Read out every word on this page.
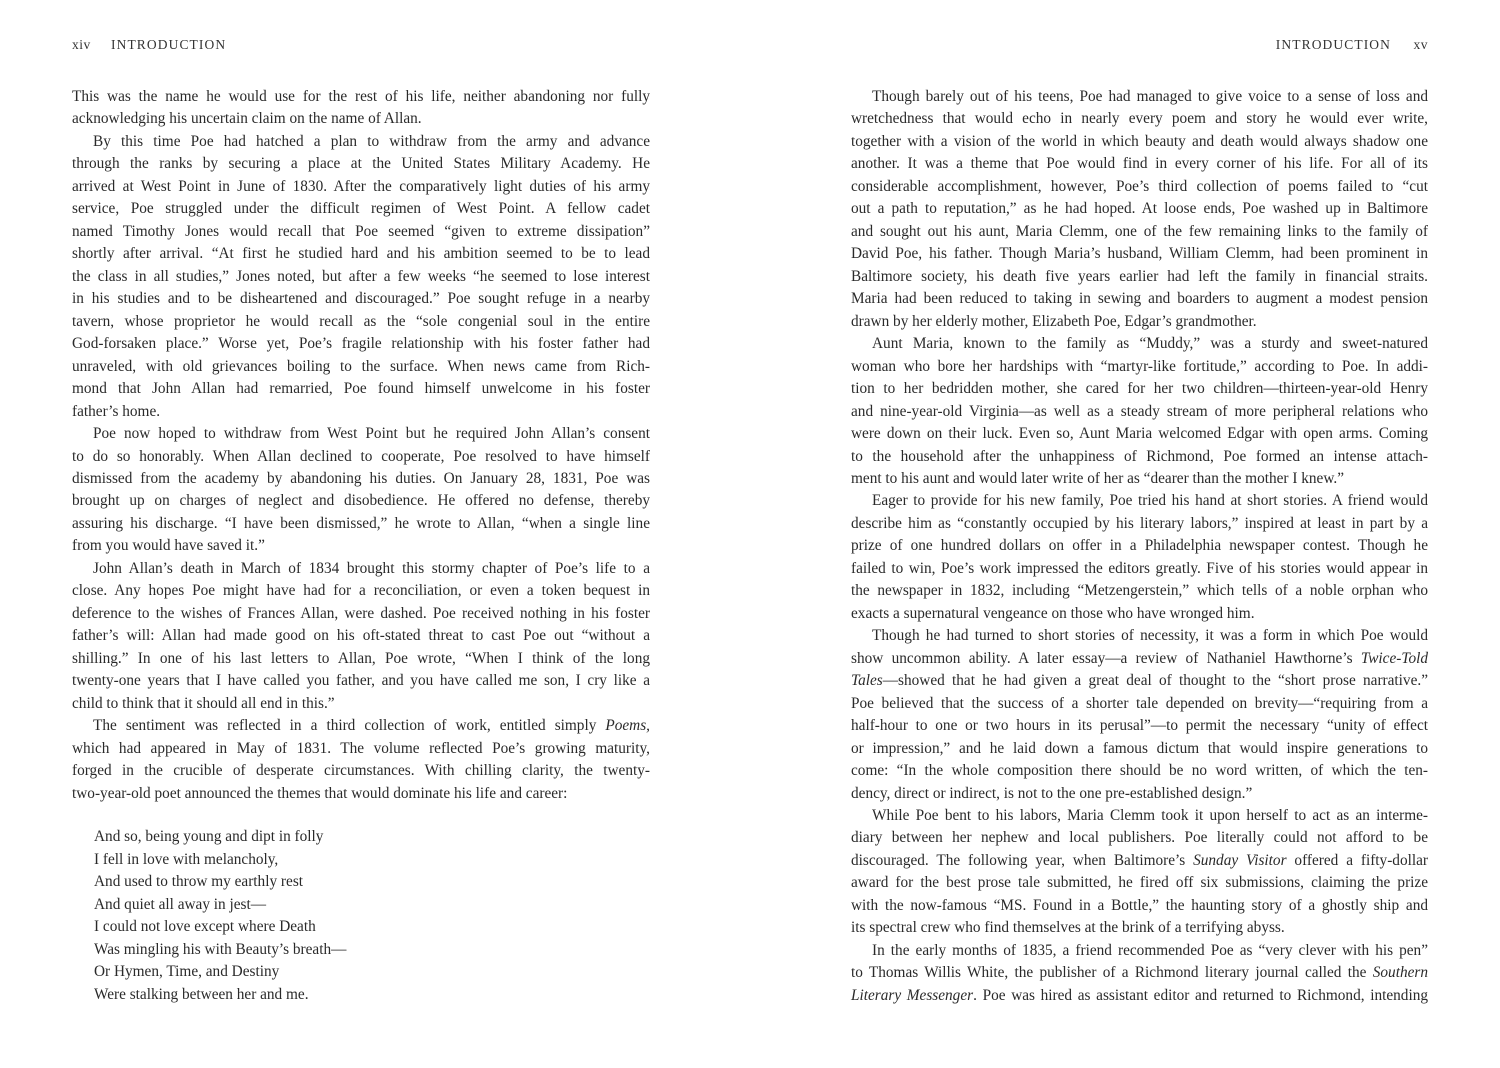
xiv INTRODUCTION
This was the name he would use for the rest of his life, neither abandoning nor fully
acknowledging his uncertain claim on the name of Allan.
By this time Poe had hatched a plan to withdraw from the army and advance
through the ranks by securing a place at the United States Military Academy. He
arrived at West Point in June of 1830. After the comparatively light duties of his army
service, Poe struggled under the difficult regimen of West Point. A fellow cadet
named Timothy Jones would recall that Poe seemed “given to extreme dissipation”
shortly after arrival. “At first he studied hard and his ambition seemed to be to lead
the class in all studies,” Jones noted, but after a few weeks “he seemed to lose interest
in his studies and to be disheartened and discouraged.” Poe sought refuge in a nearby
tavern, whose proprietor he would recall as the “sole congenial soul in the entire
God-forsaken place.” Worse yet, Poe’s fragile relationship with his foster father had
unraveled, with old grievances boiling to the surface. When news came from Rich-
mond that John Allan had remarried, Poe found himself unwelcome in his foster
father’s home.
Poe now hoped to withdraw from West Point but he required John Allan’s consent
to do so honorably. When Allan declined to cooperate, Poe resolved to have himself
dismissed from the academy by abandoning his duties. On January 28, 1831, Poe was
brought up on charges of neglect and disobedience. He offered no defense, thereby
assuring his discharge. “I have been dismissed,” he wrote to Allan, “when a single line
from you would have saved it.”
John Allan’s death in March of 1834 brought this stormy chapter of Poe’s life to a
close. Any hopes Poe might have had for a reconciliation, or even a token bequest in
deference to the wishes of Frances Allan, were dashed. Poe received nothing in his foster
father’s will: Allan had made good on his oft-stated threat to cast Poe out “without a
shilling.” In one of his last letters to Allan, Poe wrote, “When I think of the long
twenty-one years that I have called you father, and you have called me son, I cry like a
child to think that it should all end in this.”
The sentiment was reflected in a third collection of work, entitled simply Poems,
which had appeared in May of 1831. The volume reflected Poe’s growing maturity,
forged in the crucible of desperate circumstances. With chilling clarity, the twenty-
two-year-old poet announced the themes that would dominate his life and career:
And so, being young and dipt in folly
I fell in love with melancholy,
And used to throw my earthly rest
And quiet all away in jest—
I could not love except where Death
Was mingling his with Beauty’s breath—
Or Hymen, Time, and Destiny
Were stalking between her and me.
INTRODUCTION xv
Though barely out of his teens, Poe had managed to give voice to a sense of loss and
wretchedness that would echo in nearly every poem and story he would ever write,
together with a vision of the world in which beauty and death would always shadow one
another. It was a theme that Poe would find in every corner of his life. For all of its
considerable accomplishment, however, Poe’s third collection of poems failed to “cut
out a path to reputation,” as he had hoped. At loose ends, Poe washed up in Baltimore
and sought out his aunt, Maria Clemm, one of the few remaining links to the family of
David Poe, his father. Though Maria’s husband, William Clemm, had been prominent in
Baltimore society, his death five years earlier had left the family in financial straits.
Maria had been reduced to taking in sewing and boarders to augment a modest pension
drawn by her elderly mother, Elizabeth Poe, Edgar’s grandmother.
Aunt Maria, known to the family as “Muddy,” was a sturdy and sweet-natured
woman who bore her hardships with “martyr-like fortitude,” according to Poe. In addi-
tion to her bedridden mother, she cared for her two children—thirteen-year-old Henry
and nine-year-old Virginia—as well as a steady stream of more peripheral relations who
were down on their luck. Even so, Aunt Maria welcomed Edgar with open arms. Coming
to the household after the unhappiness of Richmond, Poe formed an intense attach-
ment to his aunt and would later write of her as “dearer than the mother I knew.”
Eager to provide for his new family, Poe tried his hand at short stories. A friend would
describe him as “constantly occupied by his literary labors,” inspired at least in part by a
prize of one hundred dollars on offer in a Philadelphia newspaper contest. Though he
failed to win, Poe’s work impressed the editors greatly. Five of his stories would appear in
the newspaper in 1832, including “Metzengerstein,” which tells of a noble orphan who
exacts a supernatural vengeance on those who have wronged him.
Though he had turned to short stories of necessity, it was a form in which Poe would
show uncommon ability. A later essay—a review of Nathaniel Hawthorne’s Twice-Told
Tales—showed that he had given a great deal of thought to the “short prose narrative.”
Poe believed that the success of a shorter tale depended on brevity—“requiring from a
half-hour to one or two hours in its perusal”—to permit the necessary “unity of effect
or impression,” and he laid down a famous dictum that would inspire generations to
come: “In the whole composition there should be no word written, of which the ten-
dency, direct or indirect, is not to the one pre-established design.”
While Poe bent to his labors, Maria Clemm took it upon herself to act as an interme-
diary between her nephew and local publishers. Poe literally could not afford to be
discouraged. The following year, when Baltimore’s Sunday Visitor offered a fifty-dollar
award for the best prose tale submitted, he fired off six submissions, claiming the prize
with the now-famous “MS. Found in a Bottle,” the haunting story of a ghostly ship and
its spectral crew who find themselves at the brink of a terrifying abyss.
In the early months of 1835, a friend recommended Poe as “very clever with his pen”
to Thomas Willis White, the publisher of a Richmond literary journal called the Southern
Literary Messenger. Poe was hired as assistant editor and returned to Richmond, intending
